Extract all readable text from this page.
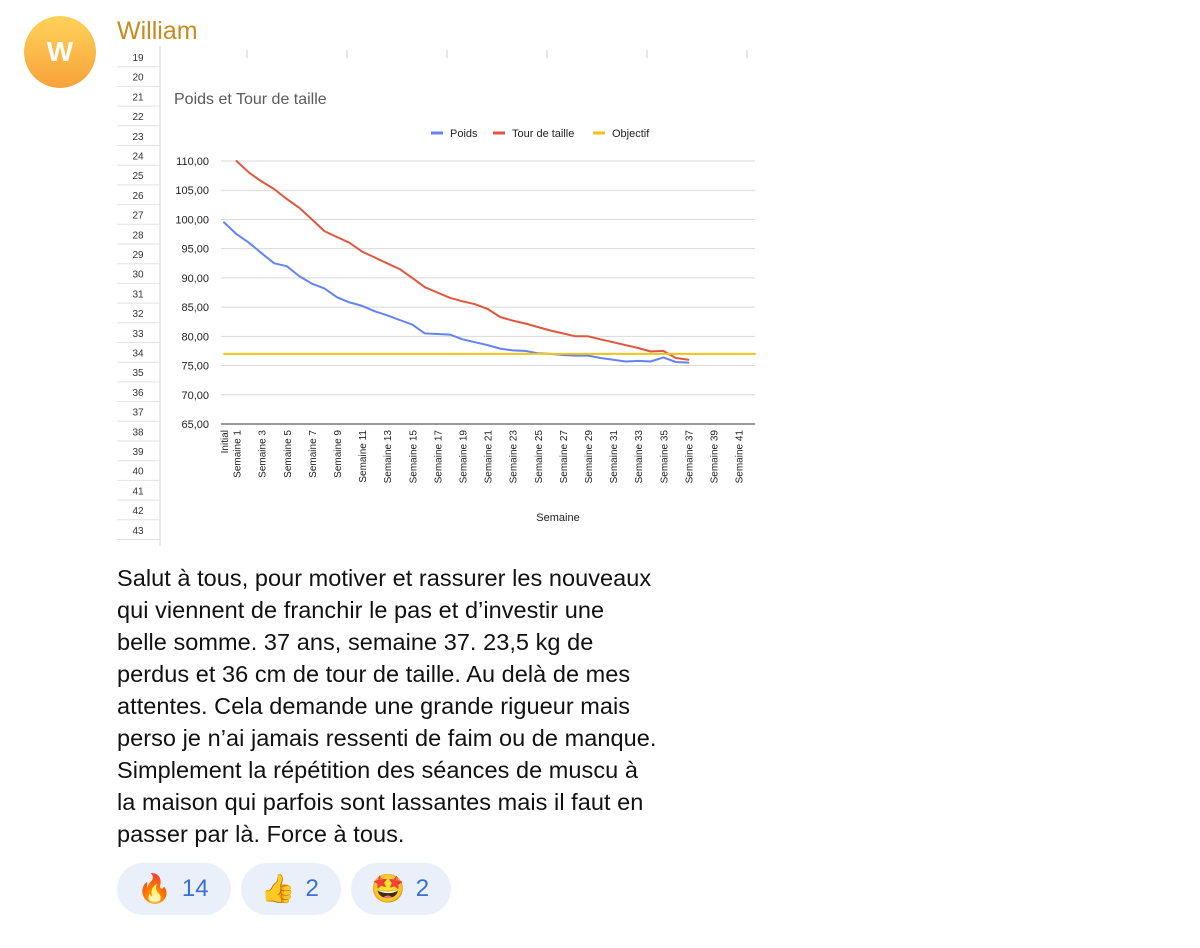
W
William
19
20
21
22
23
24
25
26
27
28
29
30
31
32
33
34
35
36
37
38
39
40
41
42
43
Poids et Tour de taille
Poids	Tour de taille	Objectif
110,00
105,00
100,00
95,00
90,00
85,00
80,00
75,00
70,00
65,00
Initial Semaine 1 Semaine 3 Semaine 5 Semaine 7 Semaine 9 Semaine 11 Semaine 13 Semaine 15 Semaine 17 Semaine 19 Semaine 21 Semaine 23 Semaine 25 Semaine 27 Semaine 29 Semaine 31 Semaine 33 Semaine 35 Semaine 37 Semaine 39 Semaine 41
Semaine
Salut à tous, pour motiver et rassurer les nouveaux
qui viennent de franchir le pas et d’investir une
belle somme. 37 ans, semaine 37. 23,5 kg de
perdus et 36 cm de tour de taille. Au delà de mes
attentes. Cela demande une grande rigueur mais
perso je n’ai jamais ressenti de faim ou de manque.
Simplement la répétition des séances de muscu à
la maison qui parfois sont lassantes mais il faut en
passer par là. Force à tous.
🔥 14 👍 2 🤩 2
